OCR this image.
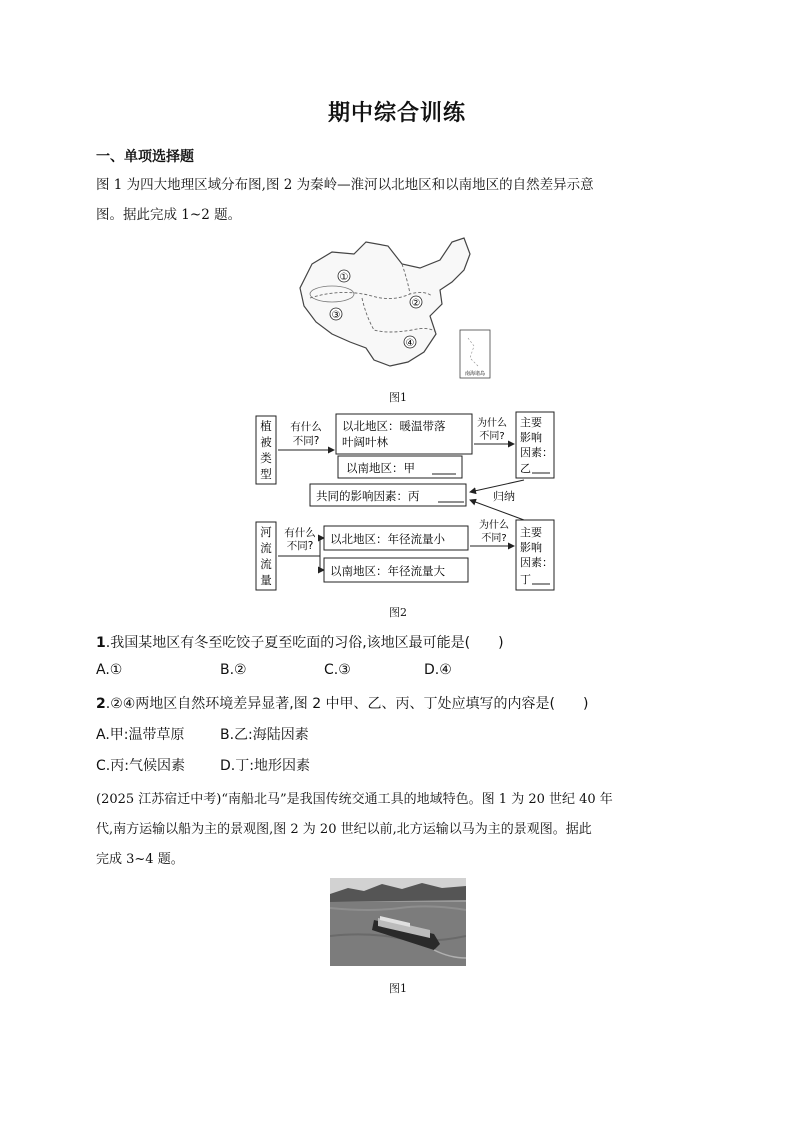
期中综合训练
一、单项选择题
图 1 为四大地理区域分布图,图 2 为秦岭—淮河以北地区和以南地区的自然差异示意
图。据此完成 1~2 题。
①
②
③
④
南海诸岛
图1
植
被
类
型
有什么
不同?
以北地区：暖温带落
叶阔叶林
以南地区：甲
为什么
不同?
主要
影响
因素：
乙
共同的影响因素：丙	归纳
河
流
流
量
有什么
不同? 以北地区：年径流量小
以南地区：年径流量大
为什么
不同? 主要
影响
因素：
丁
图2
1.我国某地区有冬至吃饺子夏至吃面的习俗,该地区最可能是(　　)
A.①	B.②	C.③	D.④
2.②④两地区自然环境差异显著,图 2 中甲、乙、丙、丁处应填写的内容是(　　)
A.甲:温带草原	B.乙:海陆因素
C.丙:气候因素	D.丁:地形因素
(2025 江苏宿迁中考)“南船北马”是我国传统交通工具的地域特色。图 1 为 20 世纪 40 年
代,南方运输以船为主的景观图,图 2 为 20 世纪以前,北方运输以马为主的景观图。据此
完成 3~4 题。
图1
